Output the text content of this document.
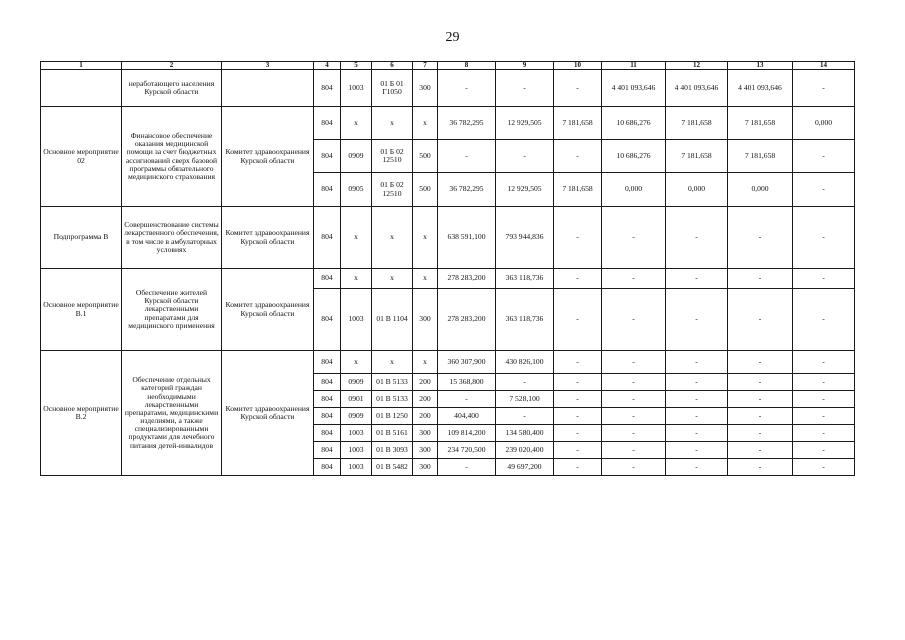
29
1	2	3	4	5	6	7	8	9	10	11	12	13	14

	неработающего населения Курской области		804	1003	01 Б 01 Г1050	300	-	-	-	4 401 093,646	4 401 093,646	4 401 093,646	-

Основное мероприятие 02	Финансовое обеспечение оказания медицинской помощи за счет бюджетных ассигнований сверх базовой программы обязательного медицинского страхования	Комитет здравоохранения Курской области	804	х	х	х	36 782,295	12 929,505	7 181,658	10 686,276	7 181,658	7 181,658	0,000
			804	0909	01 Б 02 12510	500	-	-	-	10 686,276	7 181,658	7 181,658	-
			804	0905	01 Б 02 12510	500	36 782,295	12 929,505	7 181,658	0,000	0,000	0,000	-

Подпрограмма В	Совершенствование системы лекарственного обеспечения, в том числе в амбулаторных условиях	Комитет здравоохранения Курской области	804	х	х	х	638 591,100	793 944,836	-	-	-	-	-

Основное мероприятие В.1	Обеспечение жителей Курской области лекарственными препаратами для медицинского применения	Комитет здравоохранения Курской области	804	х	х	х	278 283,200	363 118,736	-	-	-	-	-
			804	1003	01 В 1104	300	278 283,200	363 118,736	-	-	-	-	-

Основное мероприятие В.2	Обеспечение отдельных категорий граждан необходимыми лекарственными препаратами, медицинскими изделиями, а также специализированными продуктами для лечебного питания детей-инвалидов	Комитет здравоохранения Курской области	804	х	х	х	360 307,900	430 826,100	-	-	-	-	-
			804	0909	01 В 5133	200	15 368,800	-	-	-	-	-	-
			804	0901	01 В 5133	200	-	7 528,100	-	-	-	-	-
			804	0909	01 В 1250	200	404,400	-	-	-	-	-	-
			804	1003	01 В 5161	300	109 814,200	134 580,400	-	-	-	-	-
			804	1003	01 В 3093	300	234 720,500	239 020,400	-	-	-	-	-
			804	1003	01 В 5482	300	-	49 697,200	-	-	-	-	-
